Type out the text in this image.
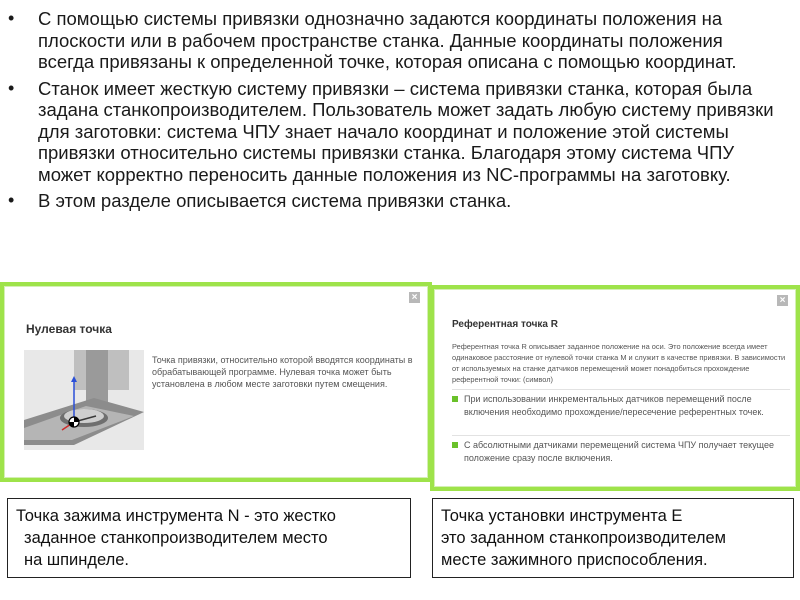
• С помощью системы привязки однозначно задаются координаты положения на плоскости или в рабочем пространстве станка. Данные координаты положения всегда привязаны к определенной точке, которая описана с помощью координат.
• Станок имеет жесткую систему привязки – система привязки станка, которая была задана станкопроизводителем. Пользователь может задать любую систему привязки для заготовки: система ЧПУ знает начало координат и положение этой системы привязки относительно системы привязки станка. Благодаря этому система ЧПУ может корректно переносить данные положения из NC-программы на заготовку.
• В этом разделе описывается система привязки станка.
×
Нулевая точка
Точка привязки, относительно которой вводятся координаты в обрабатывающей программе. Нулевая точка может быть установлена в любом месте заготовки путем смещения.
×
Референтная точка R
Референтная точка R описывает заданное положение на оси. Это положение всегда имеет одинаковое расстояние от нулевой точки станка M и служит в качестве привязки. В зависимости от используемых на станке датчиков перемещений может понадобиться прохождение референтной точки: (символ)
При использовании инкрементальных датчиков перемещений после включения необходимо прохождение/пересечение референтных точек.
С абсолютными датчиками перемещений система ЧПУ получает текущее положение сразу после включения.
Точка зажима инструмента N - это жестко
заданное станкопроизводителем место
на шпинделе.
Точка установки инструмента E
это заданном станкопроизводителем
месте зажимного приспособления.
